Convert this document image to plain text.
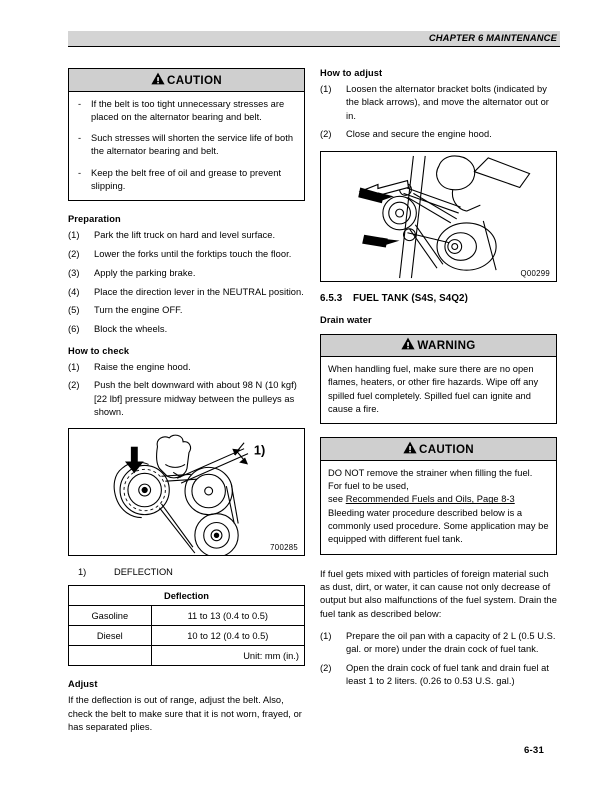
CHAPTER 6 MAINTENANCE
CAUTION
- If the belt is too tight unnecessary stresses are placed on the alternator bearing and belt.
- Such stresses will shorten the service life of both the alternator bearing and belt.
- Keep the belt free of oil and grease to prevent slipping.
Preparation
(1)	Park the lift truck on hard and level surface.
(2)	Lower the forks until the forktips touch the floor.
(3)	Apply the parking brake.
(4)	Place the direction lever in the NEUTRAL position.
(5)	Turn the engine OFF.
(6)	Block the wheels.
How to check
(1)	Raise the engine hood.
(2)	Push the belt downward with about 98 N (10 kgf) [22 lbf] pressure midway between the pulleys as shown.
1)
700285
1)	DEFLECTION
Deflection	
Gasoline	11 to 13 (0.4 to 0.5)
Diesel	10 to 12 (0.4 to 0.5)
	Unit: mm (in.)
Adjust
If the deflection is out of range, adjust the belt. Also, check the belt to make sure that it is not worn, frayed, or has separated plies.
How to adjust
(1)	Loosen the alternator bracket bolts (indicated by the black arrows), and move the alternator out or in.
(2)	Close and secure the engine hood.
Q00299
6.5.3 FUEL TANK (S4S, S4Q2)
Drain water
WARNING
When handling fuel, make sure there are no open flames, heaters, or other fire hazards. Wipe off any spilled fuel completely. Spilled fuel can ignite and cause a fire.
CAUTION
DO NOT remove the strainer when filling the fuel.
For fuel to be used,
see Recommended Fuels and Oils, Page 8-3
Bleeding water procedure described below is a commonly used procedure. Some application may be equipped with different fuel tank.
If fuel gets mixed with particles of foreign material such as dust, dirt, or water, it can cause not only decrease of output but also malfunctions of the fuel system. Drain the fuel tank as described below:
(1)	Prepare the oil pan with a capacity of 2 L (0.5 U.S. gal. or more) under the drain cock of fuel tank.
(2)	Open the drain cock of fuel tank and drain fuel at least 1 to 2 liters. (0.26 to 0.53 U.S. gal.)
6-31
